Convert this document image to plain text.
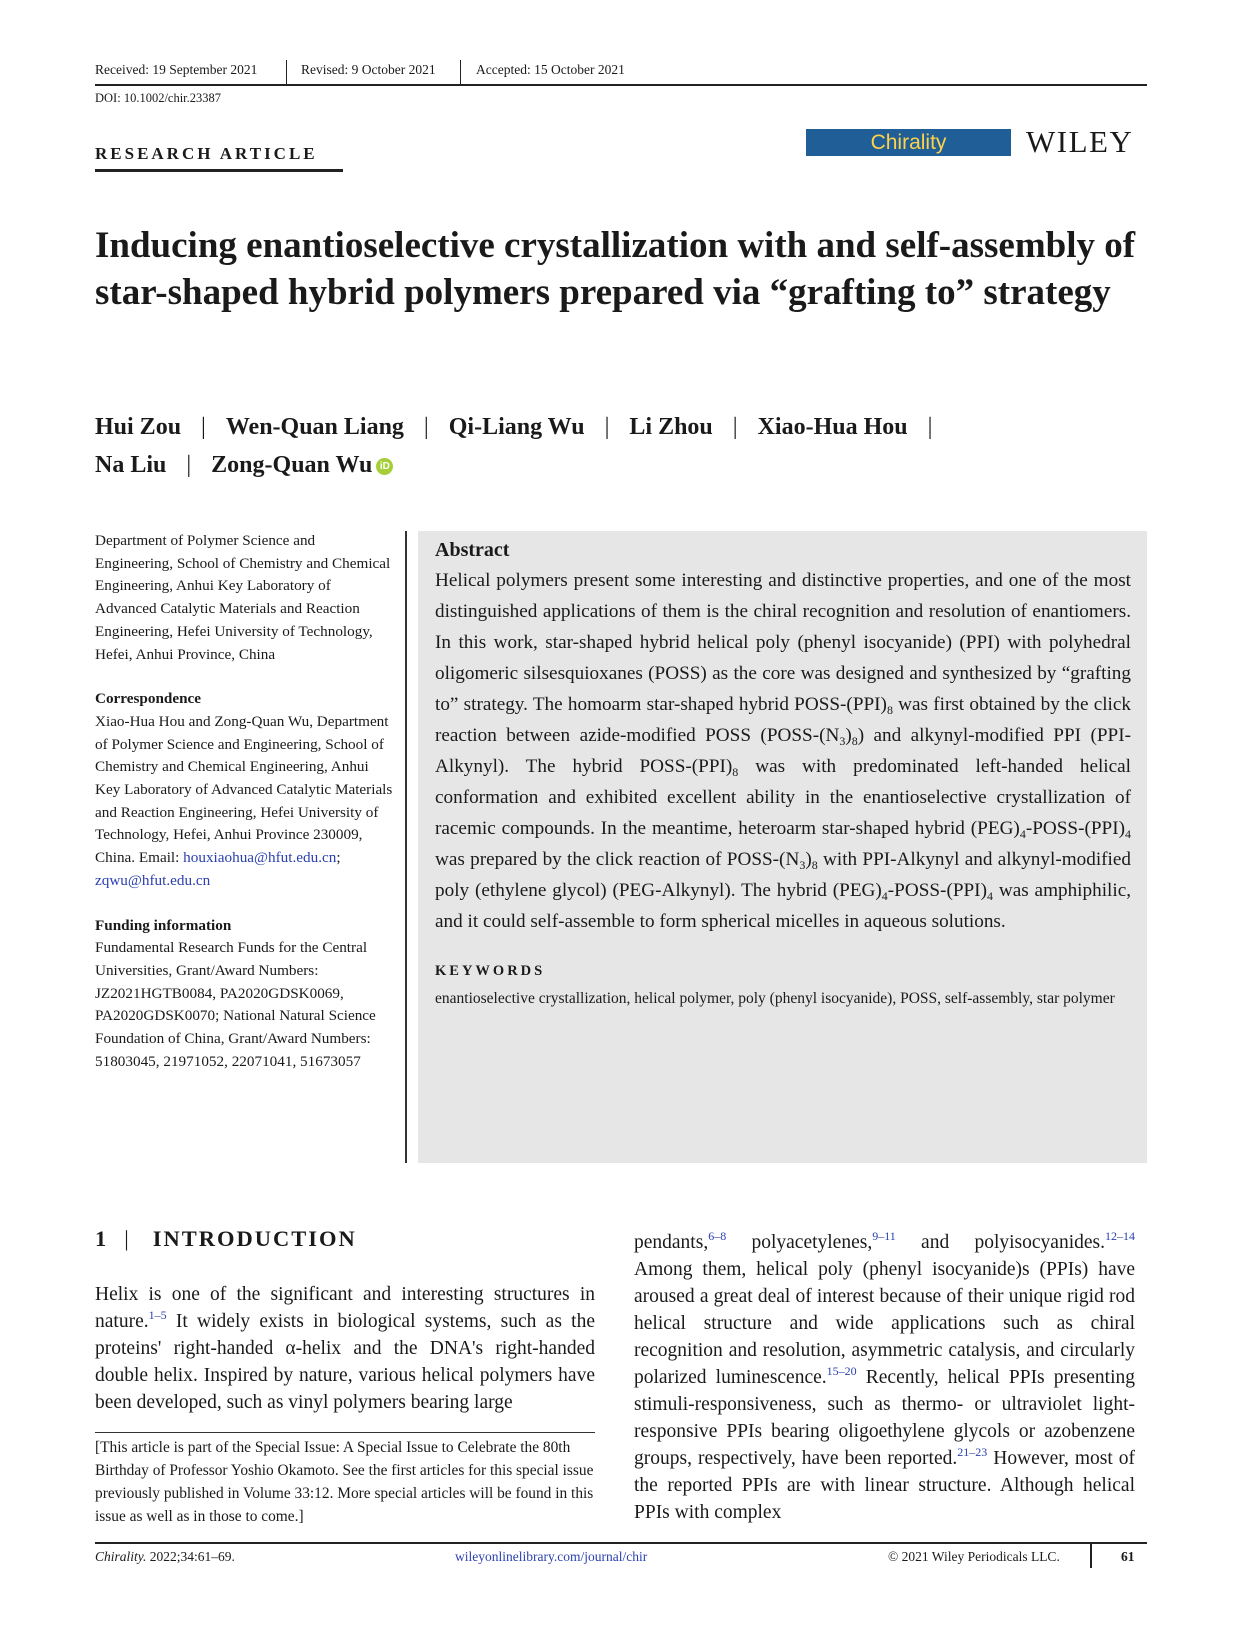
Received: 19 September 2021	Revised: 9 October 2021	Accepted: 15 October 2021
DOI: 10.1002/chir.23387
RESEARCH ARTICLE	Chirality	WILEY
Inducing enantioselective crystallization with and self-assembly of star-shaped hybrid polymers prepared via “grafting to” strategy
Hui Zou | Wen-Quan Liang | Qi-Liang Wu | Li Zhou | Xiao-Hua Hou |
Na Liu | Zong-Quan Wu iD

Department of Polymer Science and Engineering, School of Chemistry and Chemical Engineering, Anhui Key Laboratory of Advanced Catalytic Materials and Reaction Engineering, Hefei University of Technology, Hefei, Anhui Province, China

Correspondence
Xiao-Hua Hou and Zong-Quan Wu, Department of Polymer Science and Engineering, School of Chemistry and Chemical Engineering, Anhui Key Laboratory of Advanced Catalytic Materials and Reaction Engineering, Hefei University of Technology, Hefei, Anhui Province 230009, China. Email: houxiaohua@hfut.edu.cn; zqwu@hfut.edu.cn

Funding information
Fundamental Research Funds for the Central Universities, Grant/Award Numbers: JZ2021HGTB0084, PA2020GDSK0069, PA2020GDSK0070; National Natural Science Foundation of China, Grant/Award Numbers: 51803045, 21971052, 22071041, 51673057

Abstract
Helical polymers present some interesting and distinctive properties, and one of the most distinguished applications of them is the chiral recognition and resolution of enantiomers. In this work, star-shaped hybrid helical poly (phenyl isocyanide) (PPI) with polyhedral oligomeric silsesquioxanes (POSS) as the core was designed and synthesized by “grafting to” strategy. The homoarm star-shaped hybrid POSS-$(PPI)_8$ was first obtained by the click reaction between azide-modified POSS $(POSS-(N_3)_8)$ and alkynyl-modified PPI (PPI-Alkynyl). The hybrid POSS-$(PPI)_8$ was with predominated left-handed helical conformation and exhibited excellent ability in the enantioselective crystallization of racemic compounds. In the meantime, heteroarm star-shaped hybrid $(PEG)_4-POSS-(PPI)_4$ was prepared by the click reaction of POSS-$(N_3)_8$ with PPI-Alkynyl and alkynyl-modified poly (ethylene glycol) (PEG-Alkynyl). The hybrid $(PEG)_4-POSS-(PPI)_4$ was amphiphilic, and it could self-assemble to form spherical micelles in aqueous solutions.
KEYWORDS
enantioselective crystallization, helical polymer, poly (phenyl isocyanide), POSS, self-assembly, star polymer
1 | INTRODUCTION
Helix is one of the significant and interesting structures in nature.$^{1-5}$ It widely exists in biological systems, such as the proteins' right-handed α-helix and the DNA's right-handed double helix. Inspired by nature, various helical polymers have been developed, such as vinyl polymers bearing large
pendants,$^{6-8}$ polyacetylenes,$^{9-11}$ and polyisocyanides.$^{12-14}$ Among them, helical poly (phenyl isocyanide)s (PPIs) have aroused a great deal of interest because of their unique rigid rod helical structure and wide applications such as chiral recognition and resolution, asymmetric catalysis, and circularly polarized luminescence.$^{15-20}$ Recently, helical PPIs presenting stimuli-responsiveness, such as thermo- or ultraviolet light-responsive PPIs bearing oligoethylene glycols or azobenzene groups, respectively, have been reported.$^{21-23}$ However, most of the reported PPIs are with linear structure. Although helical PPIs with complex
[This article is part of the Special Issue: A Special Issue to Celebrate the 80th Birthday of Professor Yoshio Okamoto. See the first articles for this special issue previously published in Volume 33:12. More special articles will be found in this issue as well as in those to come.]
Chirality. 2022;34:61–69.	wileyonlinelibrary.com/journal/chir	© 2021 Wiley Periodicals LLC.	61
